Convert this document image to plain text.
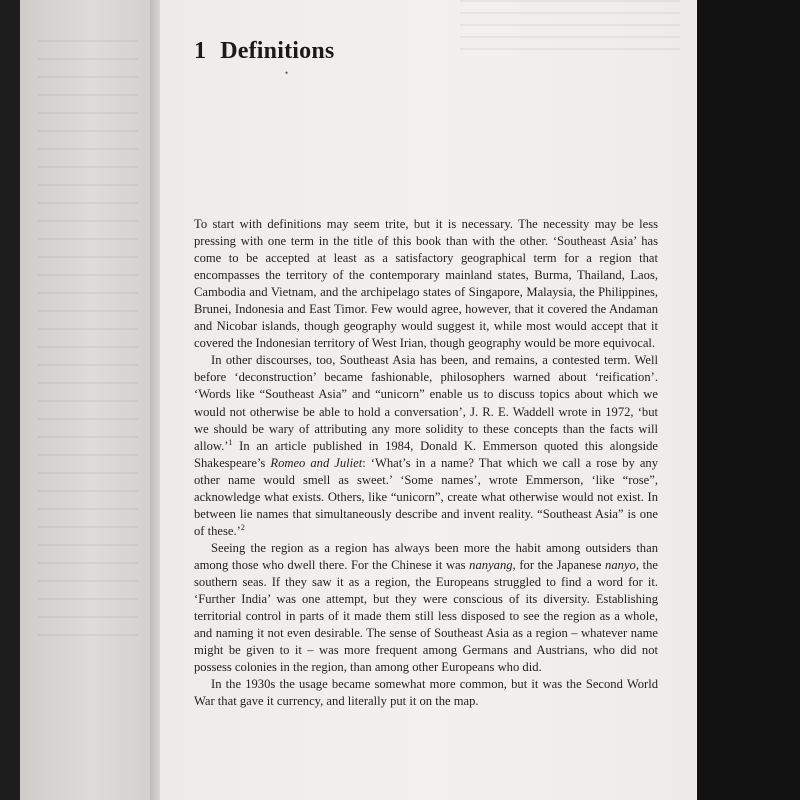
1 Definitions
•

To start with definitions may seem trite, but it is necessary. The necessity may be less pressing with one term in the title of this book than with the other. ‘Southeast Asia’ has come to be accepted at least as a satisfactory geographical term for a region that encompasses the territory of the contemporary mainland states, Burma, Thailand, Laos, Cambodia and Vietnam, and the archipelago states of Singapore, Malaysia, the Philippines, Brunei, Indonesia and East Timor. Few would agree, however, that it covered the Andaman and Nicobar islands, though geography would suggest it, while most would accept that it covered the Indonesian territory of West Irian, though geography would be more equivocal.

In other discourses, too, Southeast Asia has been, and remains, a contested term. Well before ‘deconstruction’ became fashionable, philosophers warned about ‘reification’. ‘Words like “Southeast Asia” and “unicorn” enable us to discuss topics about which we would not otherwise be able to hold a conversation’, J. R. E. Waddell wrote in 1972, ‘but we should be wary of attributing any more solidity to these concepts than the facts will allow.’$^1$ In an article published in 1984, Donald K. Emmerson quoted this alongside Shakespeare’s Romeo and Juliet: ‘What’s in a name? That which we call a rose by any other name would smell as sweet.’ ‘Some names’, wrote Emmerson, ‘like “rose”, acknowledge what exists. Others, like “unicorn”, create what otherwise would not exist. In between lie names that simultaneously describe and invent reality. “Southeast Asia” is one of these.’$^2$

Seeing the region as a region has always been more the habit among outsiders than among those who dwell there. For the Chinese it was nanyang, for the Japanese nanyo, the southern seas. If they saw it as a region, the Europeans struggled to find a word for it. ‘Further India’ was one attempt, but they were conscious of its diversity. Establishing territorial control in parts of it made them still less disposed to see the region as a whole, and naming it not even desirable. The sense of Southeast Asia as a region – whatever name might be given to it – was more frequent among Germans and Austrians, who did not possess colonies in the region, than among other Europeans who did.

In the 1930s the usage became somewhat more common, but it was the Second World War that gave it currency, and literally put it on the map.
